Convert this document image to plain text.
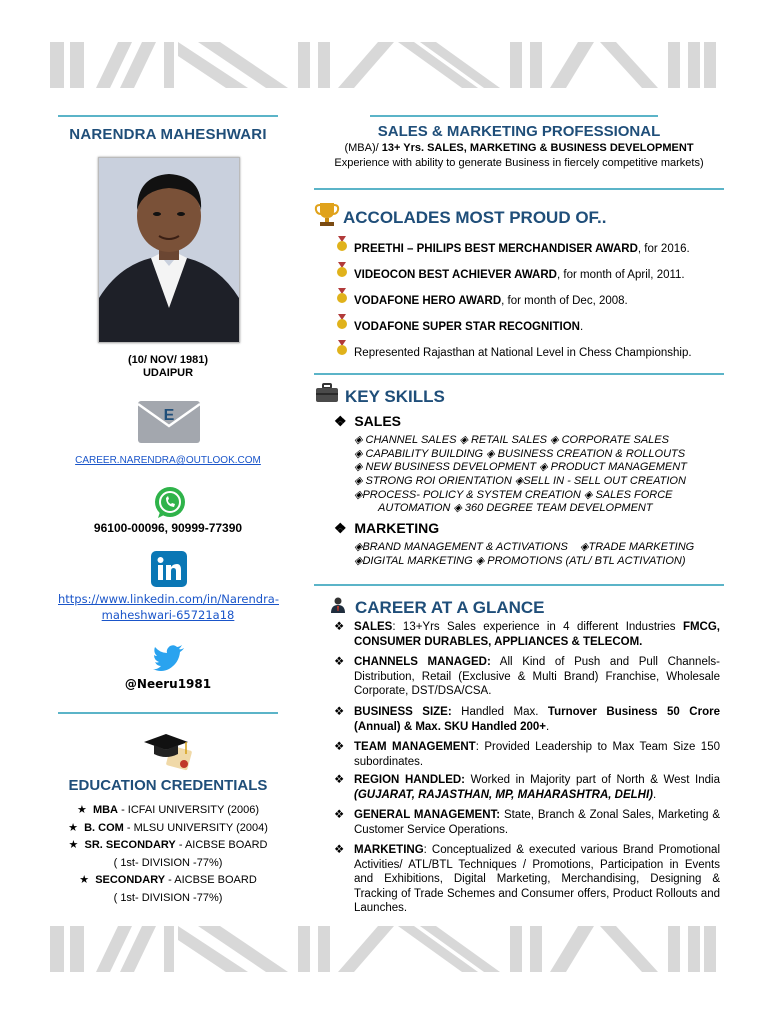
NARENDRA MAHESHWARI
(10/ NOV/ 1981)
UDAIPUR
E
CAREER.NARENDRA@OUTLOOK.COM
96100-00096, 90999-77390
https://www.linkedin.com/in/Narendra-
maheshwari-65721a18
@Neeru1981
EDUCATION CREDENTIALS
★  MBA - ICFAI UNIVERSITY (2006)
★  B. COM - MLSU UNIVERSITY (2004)
★  SR. SECONDARY - AICBSE BOARD
( 1st- DIVISION -77%)
★  SECONDARY - AICBSE BOARD
( 1st- DIVISION -77%)
SALES & MARKETING PROFESSIONAL
(MBA)/ 13+ Yrs. SALES, MARKETING & BUSINESS DEVELOPMENT
Experience with ability to generate Business in fiercely competitive markets)
ACCOLADES MOST PROUD OF..
PREETHI – PHILIPS BEST MERCHANDISER AWARD, for 2016.
VIDEOCON BEST ACHIEVER AWARD, for month of April, 2011.
VODAFONE HERO AWARD, for month of Dec, 2008.
VODAFONE SUPER STAR RECOGNITION.
Represented Rajasthan at National Level in Chess Championship.
KEY SKILLS
❖  SALES
◈ CHANNEL SALES ◈ RETAIL SALES ◈ CORPORATE SALES
◈ CAPABILITY BUILDING ◈ BUSINESS CREATION & ROLLOUTS
◈ NEW BUSINESS DEVELOPMENT ◈ PRODUCT MANAGEMENT
◈ STRONG ROI ORIENTATION ◈SELL IN - SELL OUT CREATION
◈PROCESS- POLICY & SYSTEM CREATION ◈ SALES FORCE
AUTOMATION ◈ 360 DEGREE TEAM DEVELOPMENT
❖  MARKETING
◈BRAND MANAGEMENT & ACTIVATIONS    ◈TRADE MARKETING
◈DIGITAL MARKETING ◈ PROMOTIONS (ATL/ BTL ACTIVATION)
CAREER AT A GLANCE
❖ SALES: 13+Yrs Sales experience in 4 different Industries FMCG, CONSUMER DURABLES, APPLIANCES & TELECOM.
❖ CHANNELS MANAGED: All Kind of Push and Pull Channels- Distribution, Retail (Exclusive & Multi Brand) Franchise, Wholesale Corporate, DST/DSA/CSA.
❖ BUSINESS SIZE: Handled Max. Turnover Business 50 Crore (Annual) & Max. SKU Handled 200+.
❖ TEAM MANAGEMENT: Provided Leadership to Max Team Size 150 subordinates.
❖ REGION HANDLED: Worked in Majority part of North & West India (GUJARAT, RAJASTHAN, MP, MAHARASHTRA, DELHI).
❖ GENERAL MANAGEMENT: State, Branch & Zonal Sales, Marketing & Customer Service Operations.
❖ MARKETING: Conceptualized & executed various Brand Promotional Activities/ ATL/BTL Techniques / Promotions, Participation in Events and Exhibitions, Digital Marketing, Merchandising, Designing & Tracking of Trade Schemes and Consumer offers, Product Rollouts and Launches.
